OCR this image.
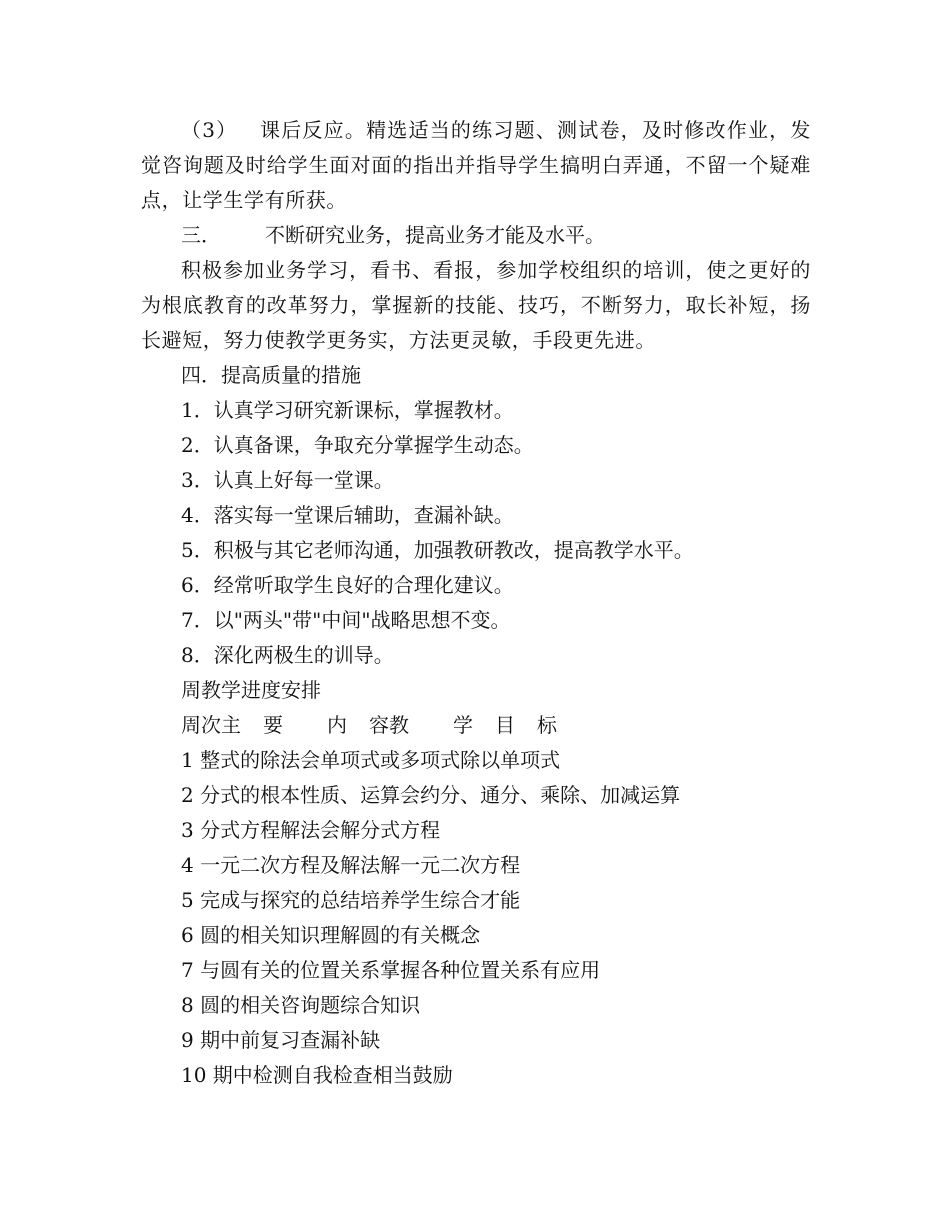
（3） 课后反应。精选适当的练习题、测试卷，及时修改作业，发觉咨询题及时给学生面对面的指出并指导学生搞明白弄通，不留一个疑难点，让学生学有所获。

三． 不断研究业务，提高业务才能及水平。

积极参加业务学习，看书、看报，参加学校组织的培训，使之更好的为根底教育的改革努力，掌握新的技能、技巧，不断努力，取长补短，扬长避短，努力使教学更务实，方法更灵敏，手段更先进。

四．提高质量的措施

1．认真学习研究新课标，掌握教材。

2．认真备课，争取充分掌握学生动态。

3．认真上好每一堂课。

4．落实每一堂课后辅助，查漏补缺。

5．积极与其它老师沟通，加强教研教改，提高教学水平。

6．经常听取学生良好的合理化建议。

7．以"两头"带"中间"战略思想不变。

8．深化两极生的训导。

周教学进度安排

周次主 要 内 容教 学 目 标

1 整式的除法会单项式或多项式除以单项式

2 分式的根本性质、运算会约分、通分、乘除、加减运算

3 分式方程解法会解分式方程

4 一元二次方程及解法解一元二次方程

5 完成与探究的总结培养学生综合才能

6 圆的相关知识理解圆的有关概念

7 与圆有关的位置关系掌握各种位置关系有应用

8 圆的相关咨询题综合知识

9 期中前复习查漏补缺

10 期中检测自我检查相当鼓励
